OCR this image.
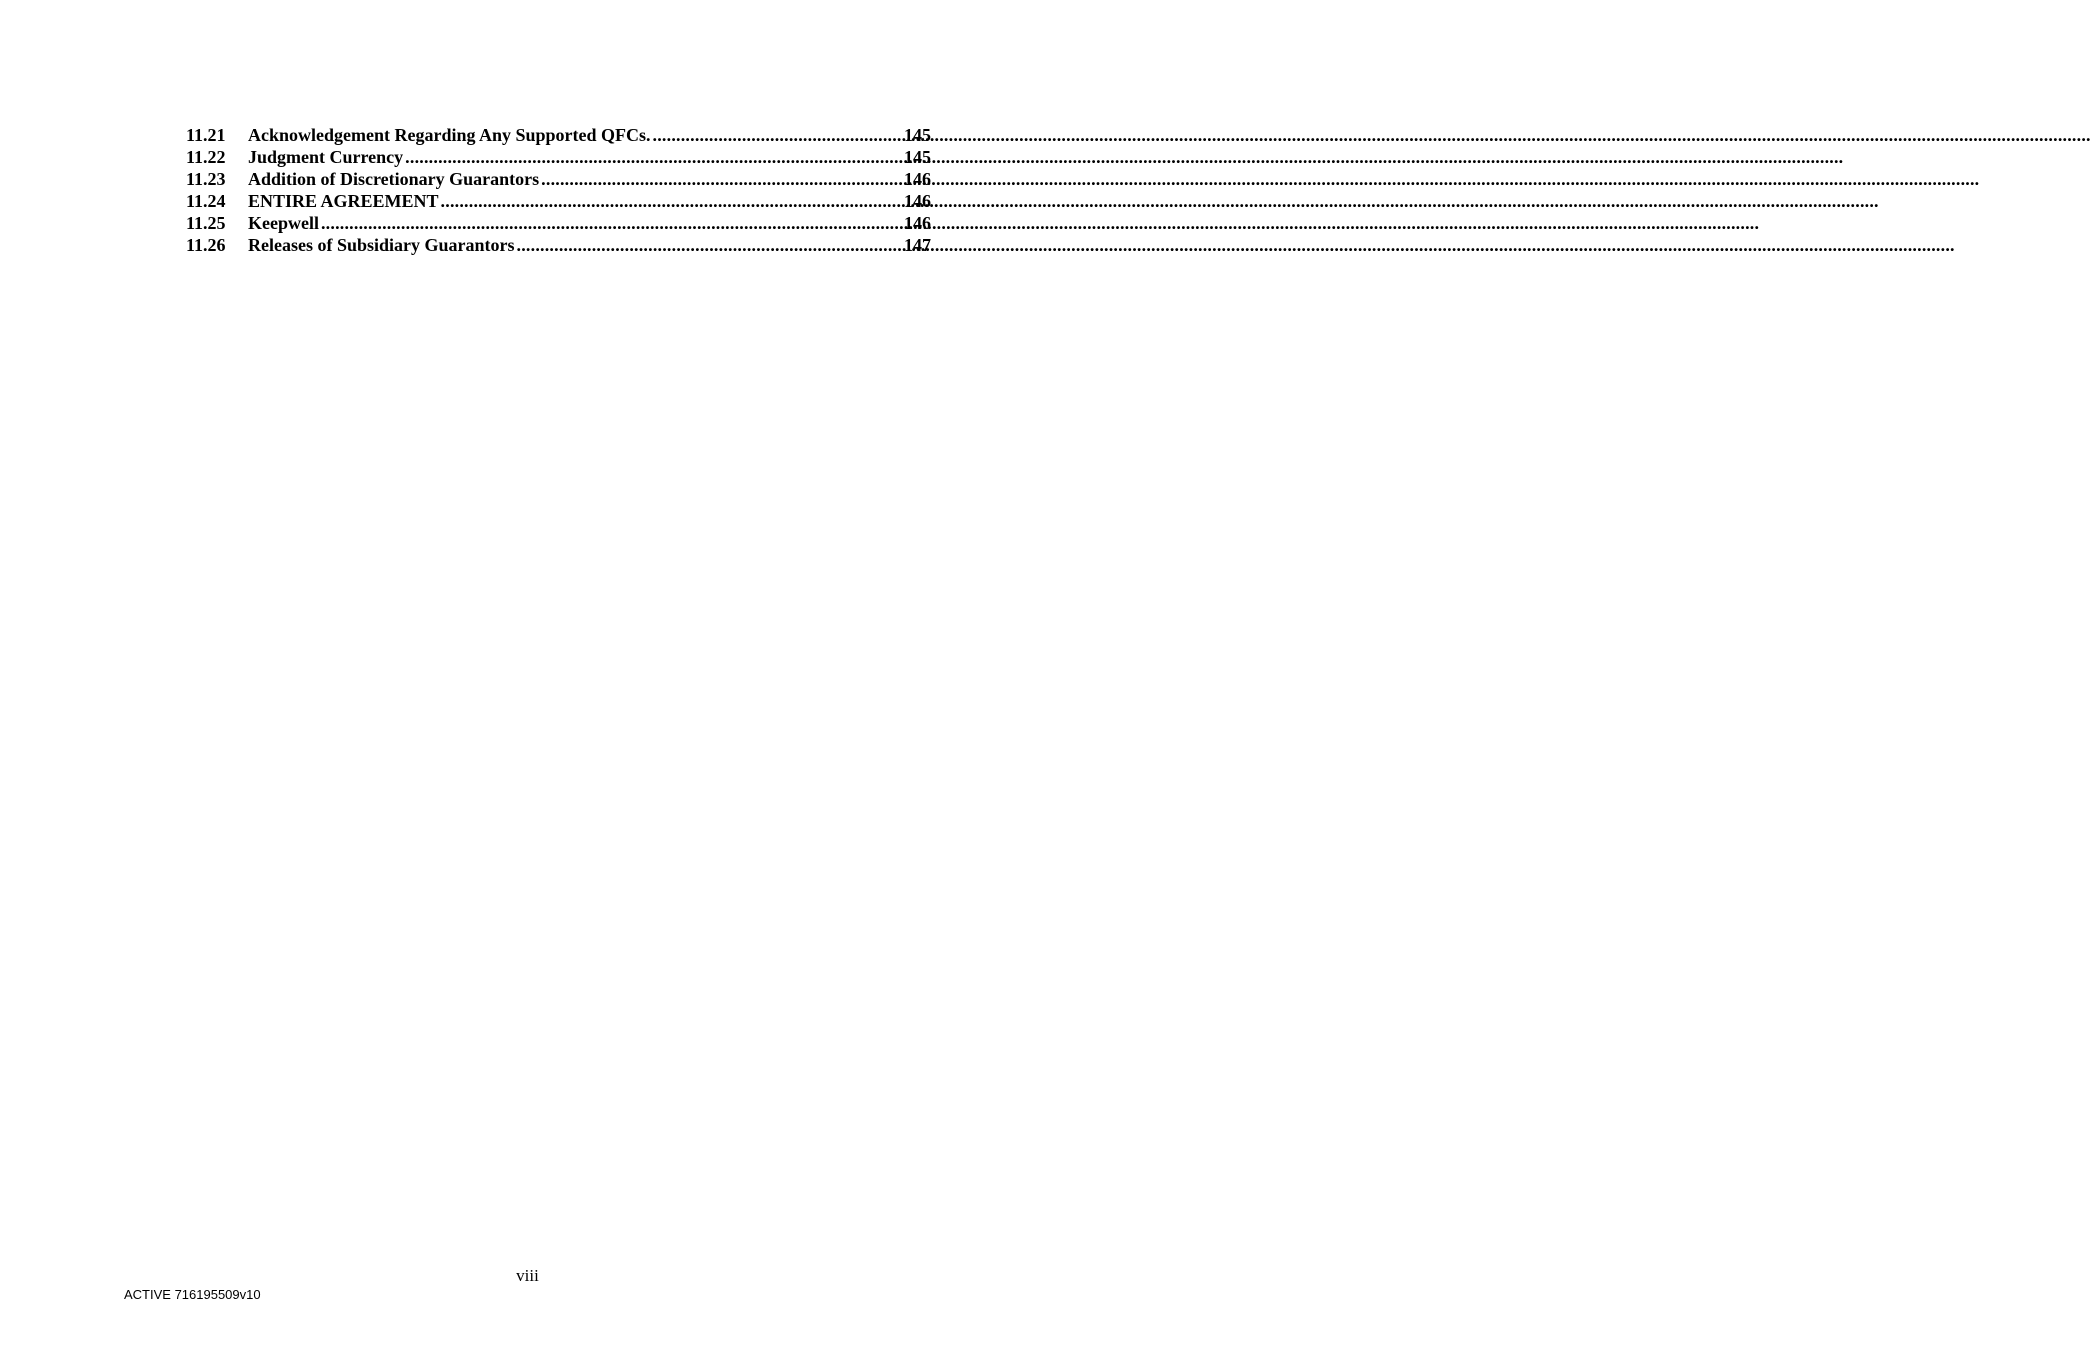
11.21	Acknowledgement Regarding Any Supported QFCs. .....	145
11.22	Judgment Currency .....	145
11.23	Addition of Discretionary Guarantors .....	146
11.24	ENTIRE AGREEMENT .....	146
11.25	Keepwell .....	146
11.26	Releases of Subsidiary Guarantors .....	147
viii
ACTIVE 716195509v10
